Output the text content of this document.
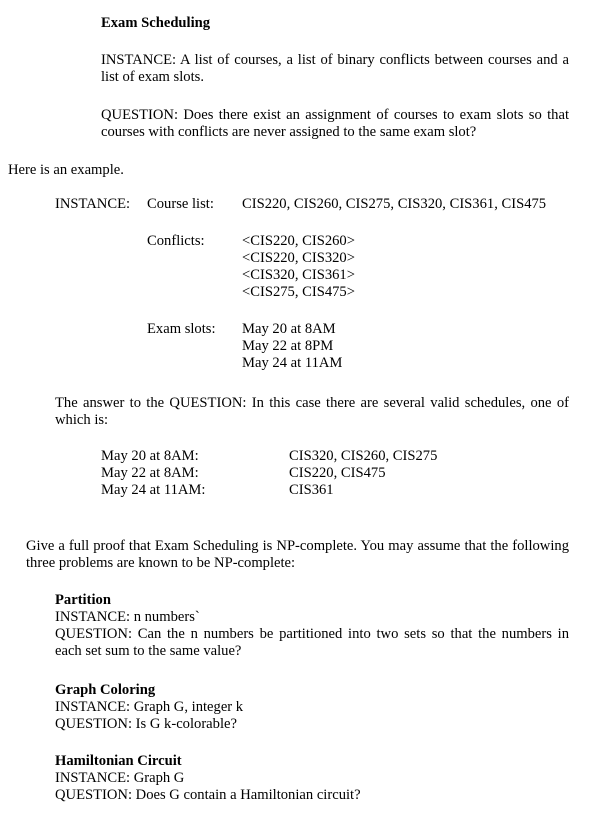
Exam Scheduling
INSTANCE: A list of courses, a list of binary conflicts between courses and a list of exam slots.
QUESTION: Does there exist an assignment of courses to exam slots so that courses with conflicts are never assigned to the same exam slot?
Here is an example.
INSTANCE: Course list: CIS220, CIS260, CIS275, CIS320, CIS361, CIS475
Conflicts:	<CIS220, CIS260>
<CIS220, CIS320>
<CIS320, CIS361>
<CIS275, CIS475>
Exam slots: May 20 at 8AM
May 22 at 8PM
May 24 at 11AM
The answer to the QUESTION: In this case there are several valid schedules, one of which is:
May 20 at 8AM:
May 22 at 8AM:
May 24 at 11AM:
CIS320, CIS260, CIS275
CIS220, CIS475
CIS361
Give a full proof that Exam Scheduling is NP-complete. You may assume that the following three problems are known to be NP-complete:
Partition
INSTANCE: n numbers`
QUESTION: Can the n numbers be partitioned into two sets so that the numbers in each set sum to the same value?
Graph Coloring
INSTANCE: Graph G, integer k
QUESTION: Is G k-colorable?
Hamiltonian Circuit
INSTANCE: Graph G
QUESTION: Does G contain a Hamiltonian circuit?
